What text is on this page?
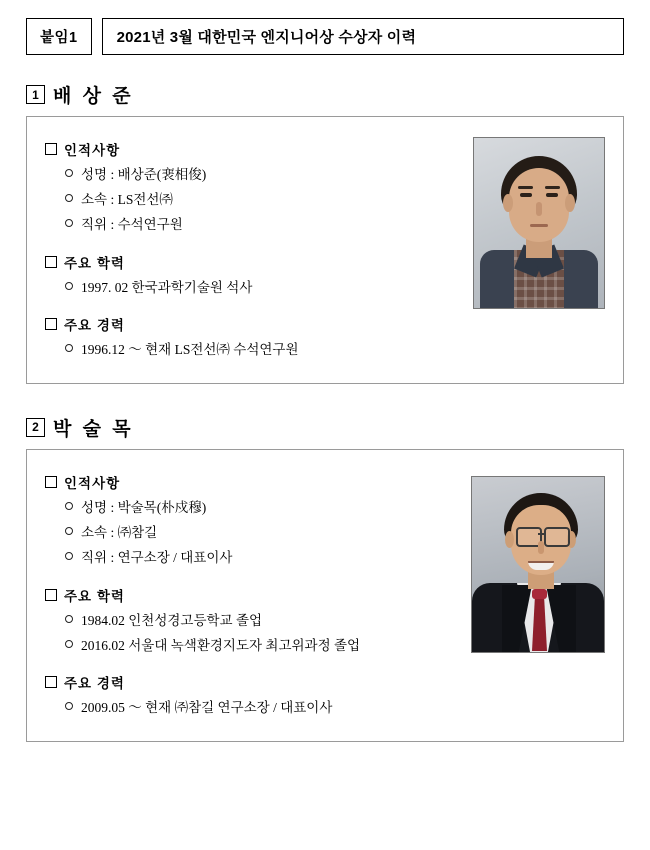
붙임1	2021년 3월 대한민국 엔지니어상 수상자 이력
1 배 상 준
인적사항
성명 : 배상준(裵相俊)
소속 : LS전선㈜
직위 : 수석연구원
주요 학력
1997. 02 한국과학기술원 석사
주요 경력
1996.12 ～ 현재 LS전선㈜ 수석연구원
2 박 술 목
인적사항
성명 : 박술목(朴戍穆)
소속 : ㈜참길
직위 : 연구소장 / 대표이사
주요 학력
1984.02 인천성경고등학교 졸업
2016.02 서울대 녹색환경지도자 최고위과정 졸업
주요 경력
2009.05 ～ 현재 ㈜참길 연구소장 / 대표이사
